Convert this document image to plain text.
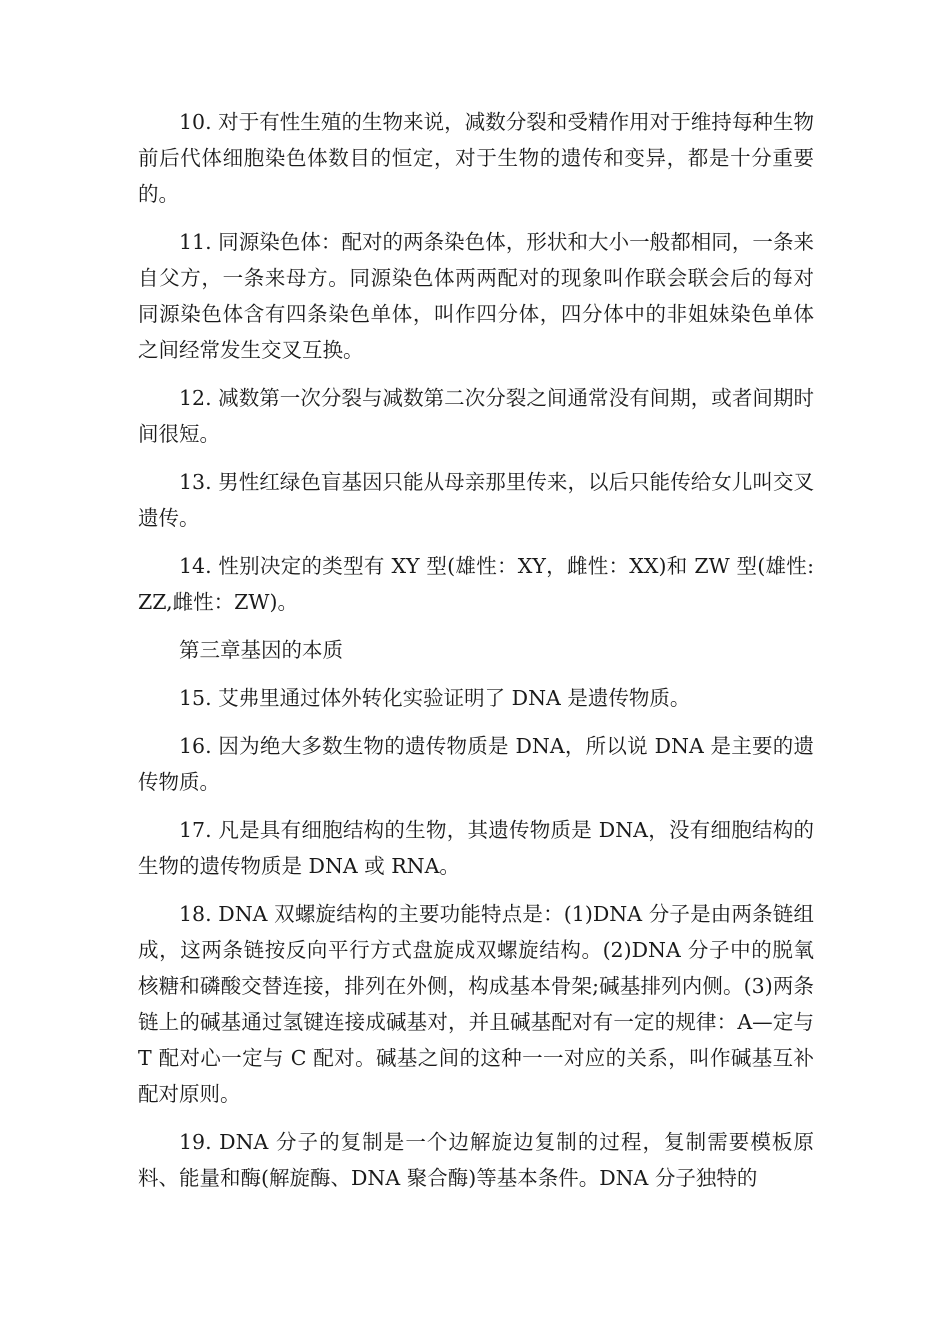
10. 对于有性生殖的生物来说，减数分裂和受精作用对于维持每种生物前后代体细胞染色体数目的恒定，对于生物的遗传和变异，都是十分重要的。

11. 同源染色体：配对的两条染色体，形状和大小一般都相同，一条来自父方，一条来母方。同源染色体两两配对的现象叫作联会联会后的每对同源染色体含有四条染色单体，叫作四分体，四分体中的非姐妹染色单体之间经常发生交叉互换。

12. 减数第一次分裂与减数第二次分裂之间通常没有间期，或者间期时间很短。

13. 男性红绿色盲基因只能从母亲那里传来，以后只能传给女儿叫交叉遗传。

14. 性别决定的类型有 XY 型(雄性：XY，雌性：XX)和 ZW 型(雄性:ZZ,雌性：ZW)。

第三章基因的本质

15. 艾弗里通过体外转化实验证明了 DNA 是遗传物质。

16. 因为绝大多数生物的遗传物质是 DNA，所以说 DNA 是主要的遗传物质。

17. 凡是具有细胞结构的生物，其遗传物质是 DNA，没有细胞结构的生物的遗传物质是 DNA 或 RNA。

18. DNA 双螺旋结构的主要功能特点是：(1)DNA 分子是由两条链组成，这两条链按反向平行方式盘旋成双螺旋结构。(2)DNA 分子中的脱氧核糖和磷酸交替连接，排列在外侧，构成基本骨架;碱基排列内侧。(3)两条链上的碱基通过氢键连接成碱基对，并且碱基配对有一定的规律：A—定与 T 配对心一定与 C 配对。碱基之间的这种一一对应的关系，叫作碱基互补配对原则。

19. DNA 分子的复制是一个边解旋边复制的过程，复制需要模板原料、能量和酶(解旋酶、DNA 聚合酶)等基本条件。DNA 分子独特的
